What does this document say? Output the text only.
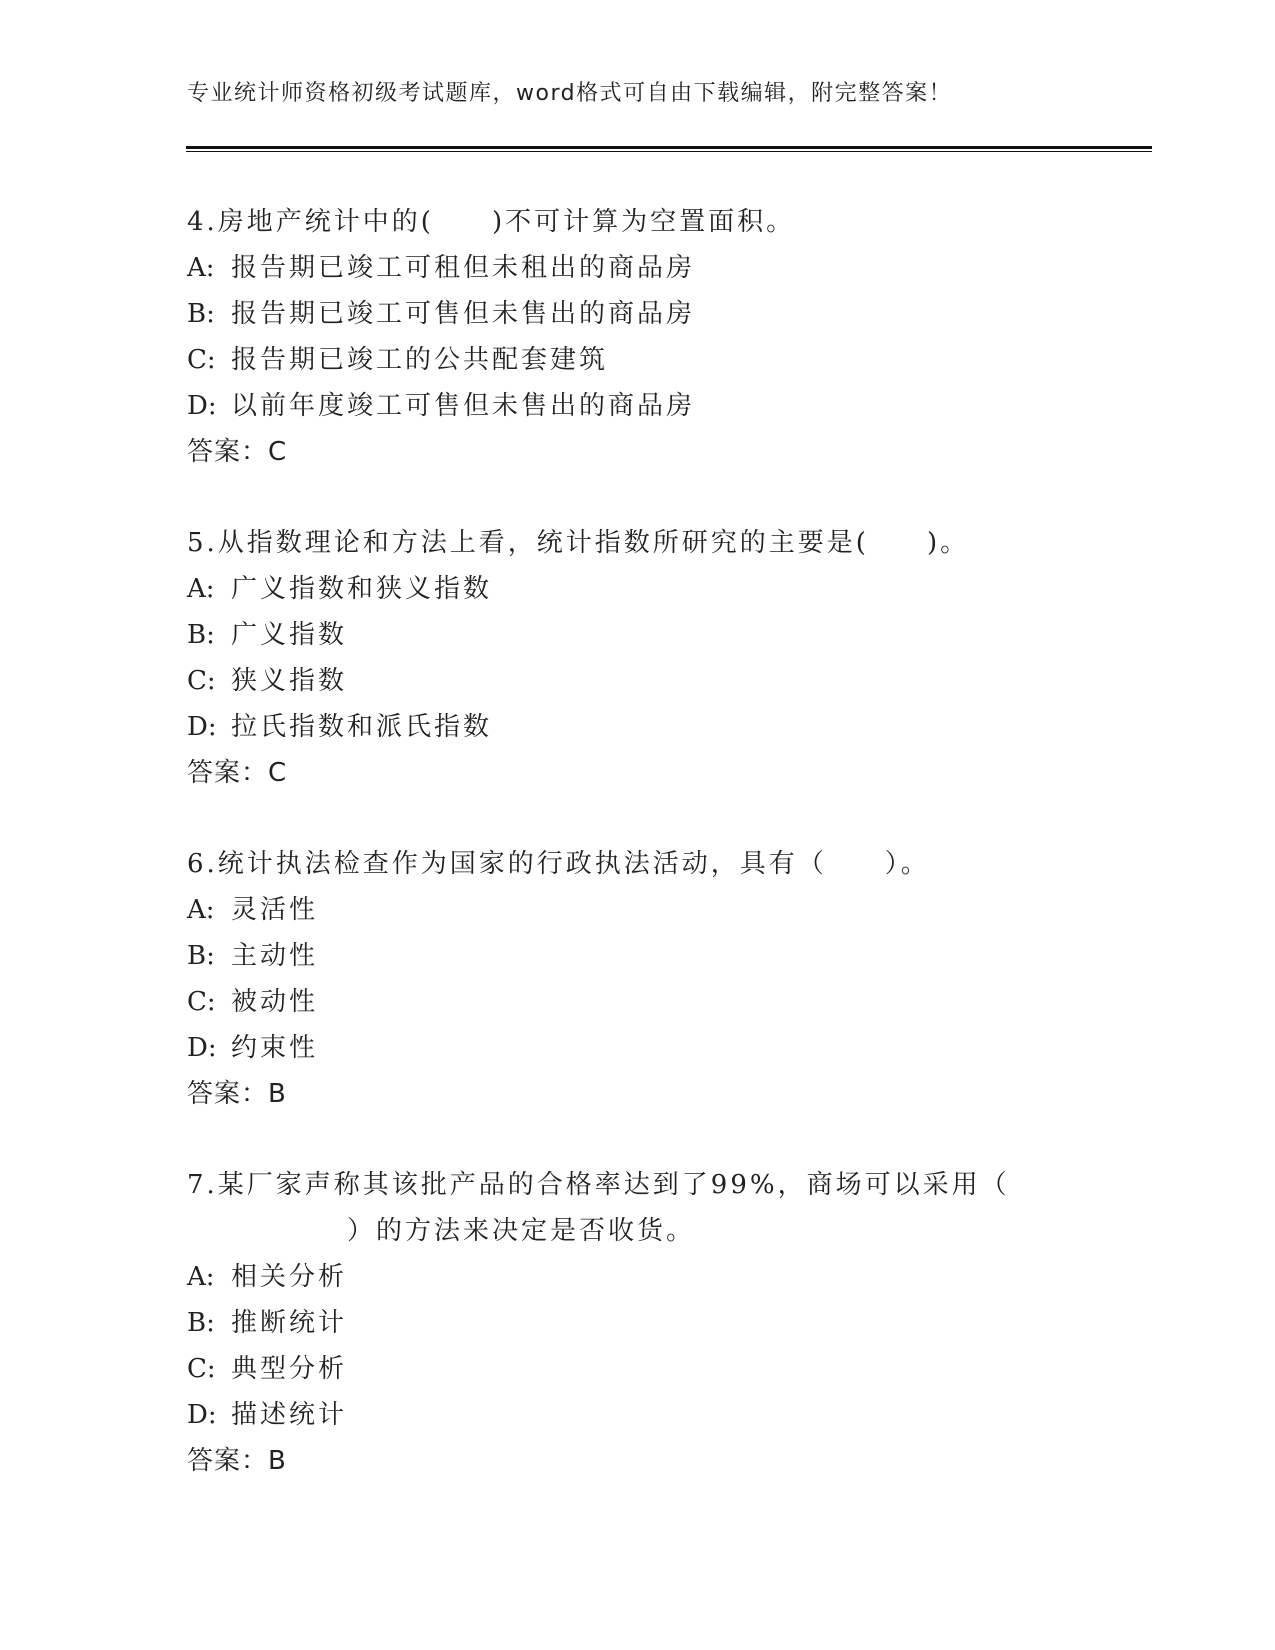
专业统计师资格初级考试题库，word格式可自由下载编辑，附完整答案！
4.房地产统计中的(　　)不可计算为空置面积。
A: 报告期已竣工可租但未租出的商品房
B: 报告期已竣工可售但未售出的商品房
C: 报告期已竣工的公共配套建筑
D: 以前年度竣工可售但未售出的商品房
答案：C
5.从指数理论和方法上看，统计指数所研究的主要是(　　)。
A: 广义指数和狭义指数
B: 广义指数
C: 狭义指数
D: 拉氏指数和派氏指数
答案：C
6.统计执法检查作为国家的行政执法活动，具有（　　）。
A: 灵活性
B: 主动性
C: 被动性
D: 约束性
答案：B
7.某厂家声称其该批产品的合格率达到了99%，商场可以采用（
）的方法来决定是否收货。
A: 相关分析
B: 推断统计
C: 典型分析
D: 描述统计
答案：B
